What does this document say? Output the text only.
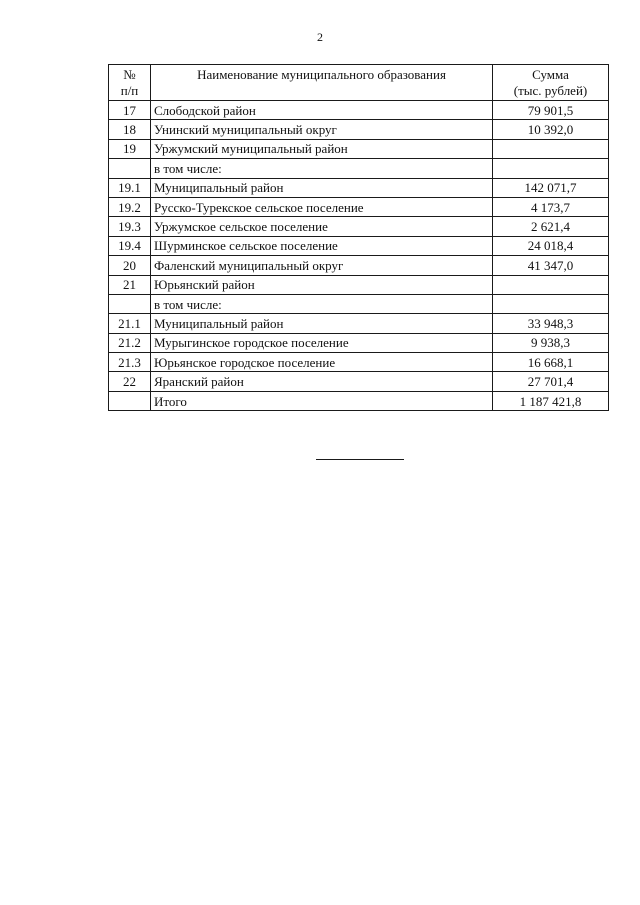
2
№
п/п	Наименование муниципального образования	Сумма
(тыс. рублей)

17	Слободской район	79 901,5
18	Унинский муниципальный округ	10 392,0
19	Уржумский муниципальный район	
	в том числе:	
19.1	Муниципальный район	142 071,7
19.2	Русско-Турекское сельское поселение	4 173,7
19.3	Уржумское сельское поселение	2 621,4
19.4	Шурминское сельское поселение	24 018,4
20	Фаленский муниципальный округ	41 347,0
21	Юрьянский район	
	в том числе:	
21.1	Муниципальный район	33 948,3
21.2	Мурыгинское городское поселение	9 938,3
21.3	Юрьянское городское поселение	16 668,1
22	Яранский район	27 701,4
	Итого	1 187 421,8
